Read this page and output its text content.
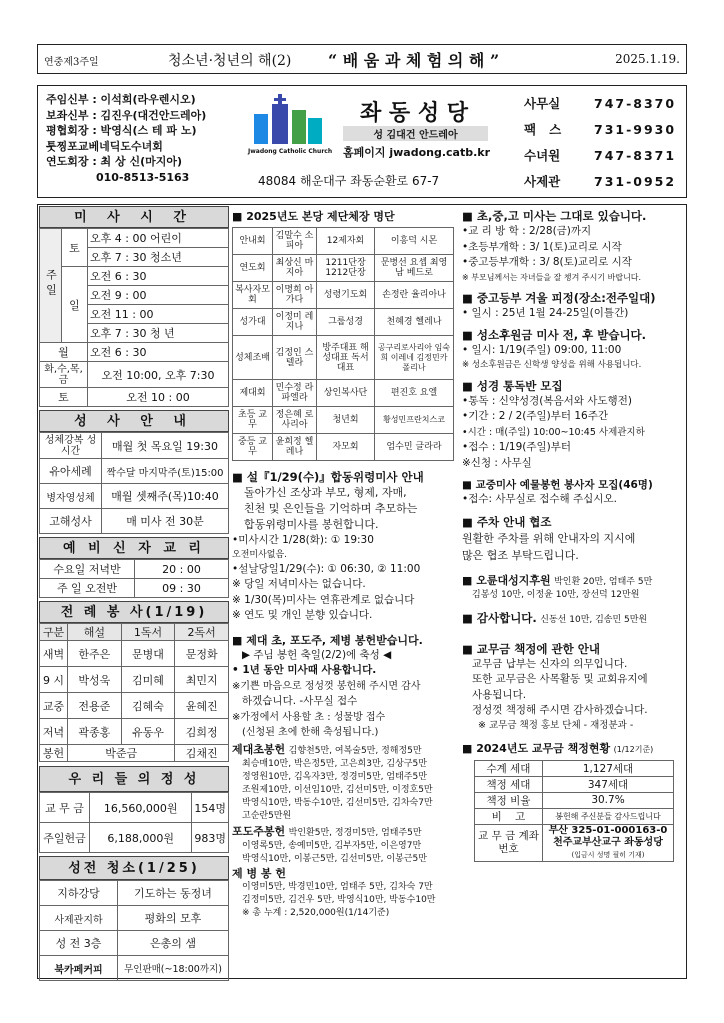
연중제3주일	청소년·청년의 해(2) “ 배 움 과 체 험 의 해 ”	2025.1.19.
주임신부 : 이석희(라우렌시오)
보좌신부 : 김진우(대건안드레아)
평협회장 : 박영식(스 테 파 노)
툿찡포교베네딕도수녀회
연도회장 : 최 상 신(마지아)
010-8513-5163
Jwadong Catholic Church
좌 동 성 당
성 김대건 안드레아
홈페이지 jwadong.catb.kr
48084 해운대구 좌동순환로 67-7
사무실	747-8370
팩   스	731-9930
수녀원	747-8371
사제관	731-0952
미 사 시 간
주일	토	오후 4 : 00 어린이
		오후 7 : 30 청소년
	일	오전 6 : 30
		오전 9 : 00
		오전 11 : 00
		오후 7 : 30 청 년
월		오전 6 : 30
화,수,목,금		오전 10:00, 오후 7:30
토		오전 10 : 00
성 사 안 내
성체강복 성시간	매월 첫 목요일 19:30
유아세례	짝수달 마지막주(토)15:00
병자영성체	매월 셋째주(목)10:40
고해성사	매 미사 전 30분
예 비 신 자 교 리
수요일 저녁반	20 : 00
주 일 오전반	09 : 30
전 례 봉 사(1/19)
구분	해설	1독서	2독서
새벽	한주은	문병대	문정화
9 시	박성욱	김미혜	최민지
교중	전용준	김혜숙	윤혜진
저녁	곽종홍	유동우	김희정
봉헌	박준금		김채진
우 리 들 의 정 성
교 무 금	16,560,000원	154명
주일헌금	6,188,000원	983명
성전 청소(1/25)
지하강당	기도하는 동정녀
사제관지하	평화의 모후
성 전 3층	은총의 샘
북카페커피	무인판매(~18:00까지)
■ 2025년도 본당 제단체장 명단
안내회	김말수 소피아	12제자회	이흥덕 시몬
연도회	최상신 마지아	1211단장 1212단장	문병선 요셉 최영남 베드로
복사자모회	이명희 아가다	성령기도회	손정란 율리아나
성가대	이정미 레지나	그룹성경	천혜경 헬레나
성체조배	김정인 스텔라	방주대표 해성대표 독서대표	공구리로사리아 임숙희 이레네 김정민카폴리나
제대회	민수정 라파엘라	상인복사단	편진호 요엘
초등 교무	정은혜 로사리아	청년회	황성민프란치스코
중등 교무	윤희정 헬레나	자모회	엄수민 글라라
■ 설『1/29(수)』합동위령미사 안내
돌아가신 조상과 부모, 형제, 자매,
친천 및 은인들을 기억하며 추모하는
합동위령미사를 봉헌합니다.
•미사시간 1/28(화): ① 19:30
오전미사없음.
•설날당일1/29(수): ① 06:30, ② 11:00
※ 당일 저녁미사는 없습니다.
※ 1/30(목)미사는 연휴관계로 없습니다
※ 연도 및 개인 분향 있습니다.
■ 제대 초, 포도주, 제병 봉헌받습니다.
▶ 주님 봉헌 축일(2/2)에 축성 ◀
• 1년 동안 미사때 사용합니다.
※기쁜 마음으로 정성껏 봉헌해 주시면 감사
하겠습니다. -사무실 접수
※가정에서 사용할 초 : 성물방 접수
(신청된 초에 한해 축성됩니다.)
제대초봉헌 김향천5만, 여복술5만, 정해정5만
최승매10만, 박은정5만, 고은희3만, 김상구5만
정영원10만, 김옥자3만, 정경미5만, 엄태주5만
조원제10만, 이선임10만, 김선미5만, 이정호5만
박영식10만, 박동수10만, 김선미5만, 김차숙7만
고순란5만원
포도주봉헌 박인환5만, 정경미5만, 엄태주5만
이영록5만, 송예미5만, 김부자5만, 이은영7만
박영식10만, 이봉근5만, 김선미5만, 이봉근5만
제 병 봉 헌
이영미5만, 박경민10만, 엄태주 5만, 김차숙 7만
김정미5만, 김건우 5만, 박영식10만, 박동수10만
※ 총 누계 : 2,520,000원(1/14기준)
■ 초,중,고 미사는 그대로 있습니다.
•교 리 방 학 : 2/28(금)까지
•초등부개학 : 3/ 1(토)교리로 시작
•중고등부개학 : 3/ 8(토)교리로 시작
※ 부모님께서는 자녀들을 잘 챙겨 주시기 바랍니다.
■ 중고등부 겨울 피정(장소:전주일대)
• 일시 : 25년 1월 24-25일(이틀간)
■ 성소후원금 미사 전, 후 받습니다.
• 일시: 1/19(주일) 09:00, 11:00
※ 성소후원금은 신학생 양성을 위해 사용됩니다.
■ 성경 통독반 모집
•통독 : 신약성경(복음서와 사도행전)
•기간 : 2 / 2(주일)부터 16주간
•시간 : 매(주일) 10:00~10:45 사제관지하
•접수 : 1/19(주일)부터
※신청 : 사무실
■ 교중미사 예물봉헌 봉사자 모집(46명)
•접수: 사무실로 접수해 주십시오.
■ 주차 안내 협조
원활한 주차를 위해 안내자의 지시에
많은 협조 부탁드립니다.
■ 오륜대성지후원 박인환 20만, 엄태주 5만
김봉성 10만, 이정윤 10만, 장선덕 12만원
■ 감사합니다. 신동선 10만, 김송민 5만원
■ 교무금 책정에 관한 안내
교무금 납부는 신자의 의무입니다.
또한 교무금은 사목활동 및 교회유지에
사용됩니다.
정성껏 책정해 주시면 감사하겠습니다.
※ 교무금 책정 홍보 단체 - 재정분과 -
■ 2024년도 교무금 책정현황 (1/12기준)
수계 세대	1,127세대
책정 세대	347세대
책정 비율	30.7%
비    고	봉헌해 주신분들 감사드립니다
교 무 금 계좌번호	부산 325-01-000163-0
천주교부산교구 좌동성당
(입금시 성명 필히 기재)
